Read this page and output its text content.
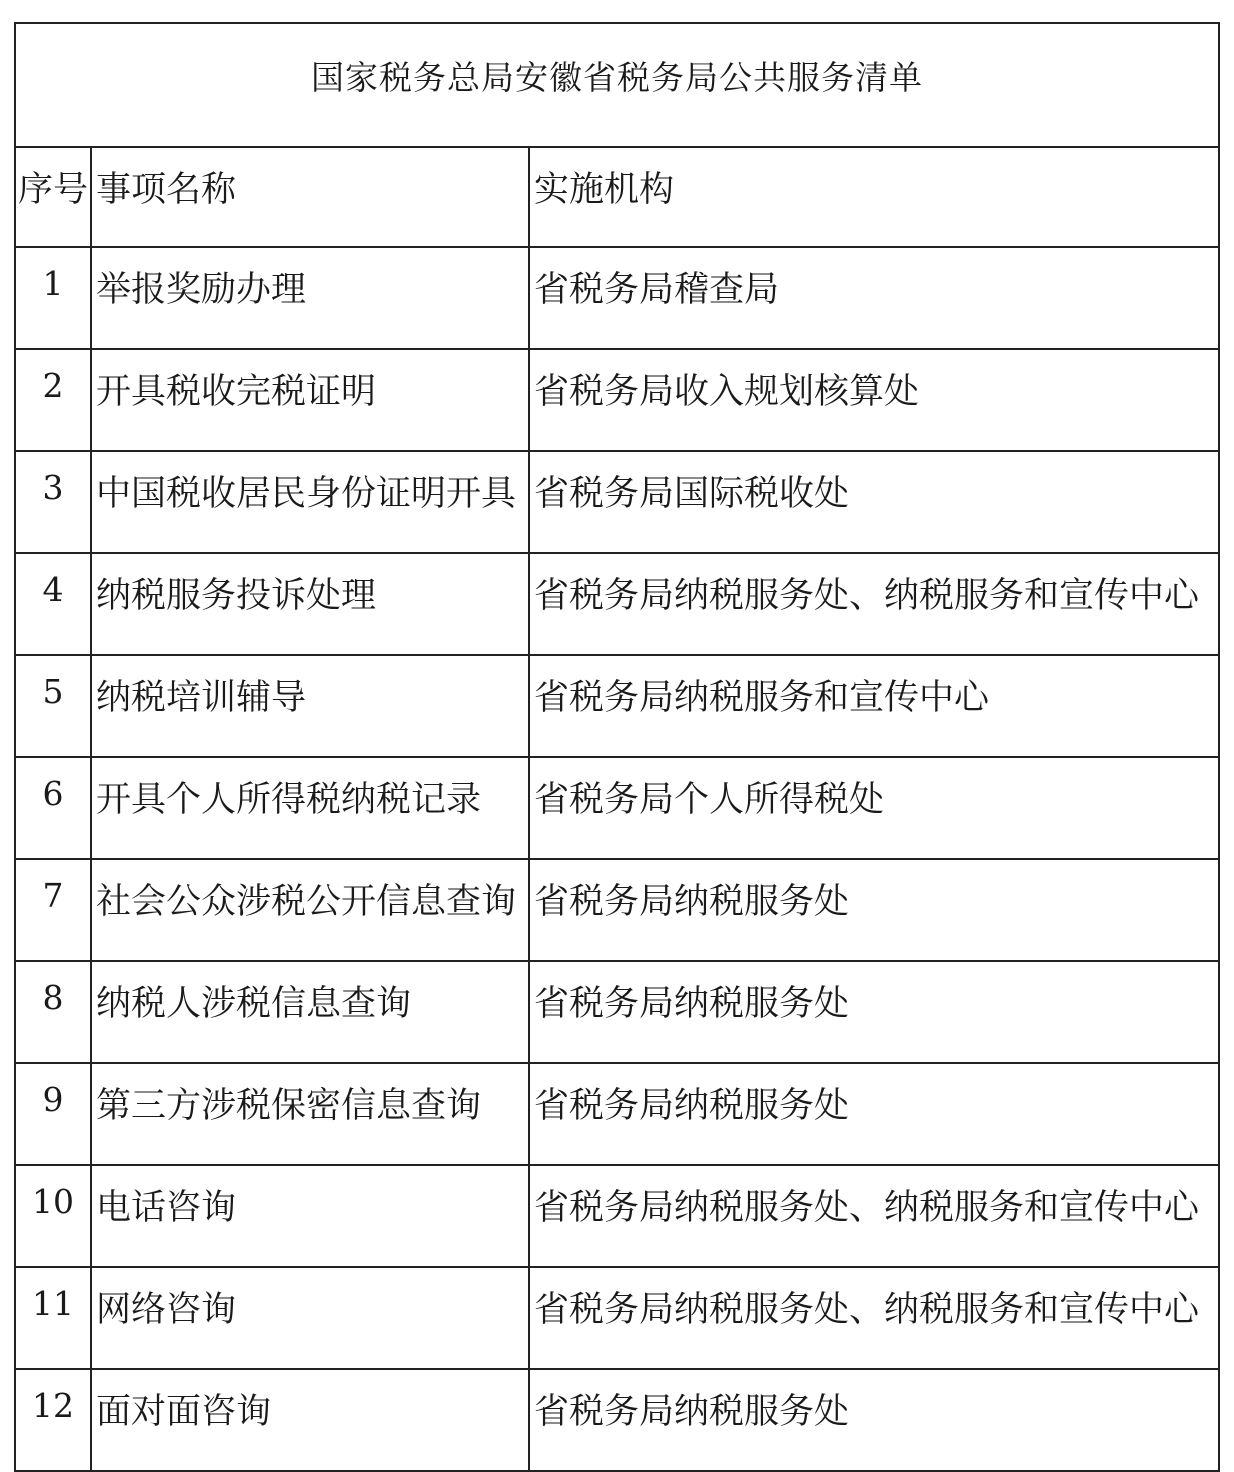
国家税务总局安徽省税务局公共服务清单		
序号	事项名称	实施机构
1	举报奖励办理	省税务局稽查局
2	开具税收完税证明	省税务局收入规划核算处
3	中国税收居民身份证明开具	省税务局国际税收处
4	纳税服务投诉处理	省税务局纳税服务处、纳税服务和宣传中心
5	纳税培训辅导	省税务局纳税服务和宣传中心
6	开具个人所得税纳税记录	省税务局个人所得税处
7	社会公众涉税公开信息查询	省税务局纳税服务处
8	纳税人涉税信息查询	省税务局纳税服务处
9	第三方涉税保密信息查询	省税务局纳税服务处
10	电话咨询	省税务局纳税服务处、纳税服务和宣传中心
11	网络咨询	省税务局纳税服务处、纳税服务和宣传中心
12	面对面咨询	省税务局纳税服务处
